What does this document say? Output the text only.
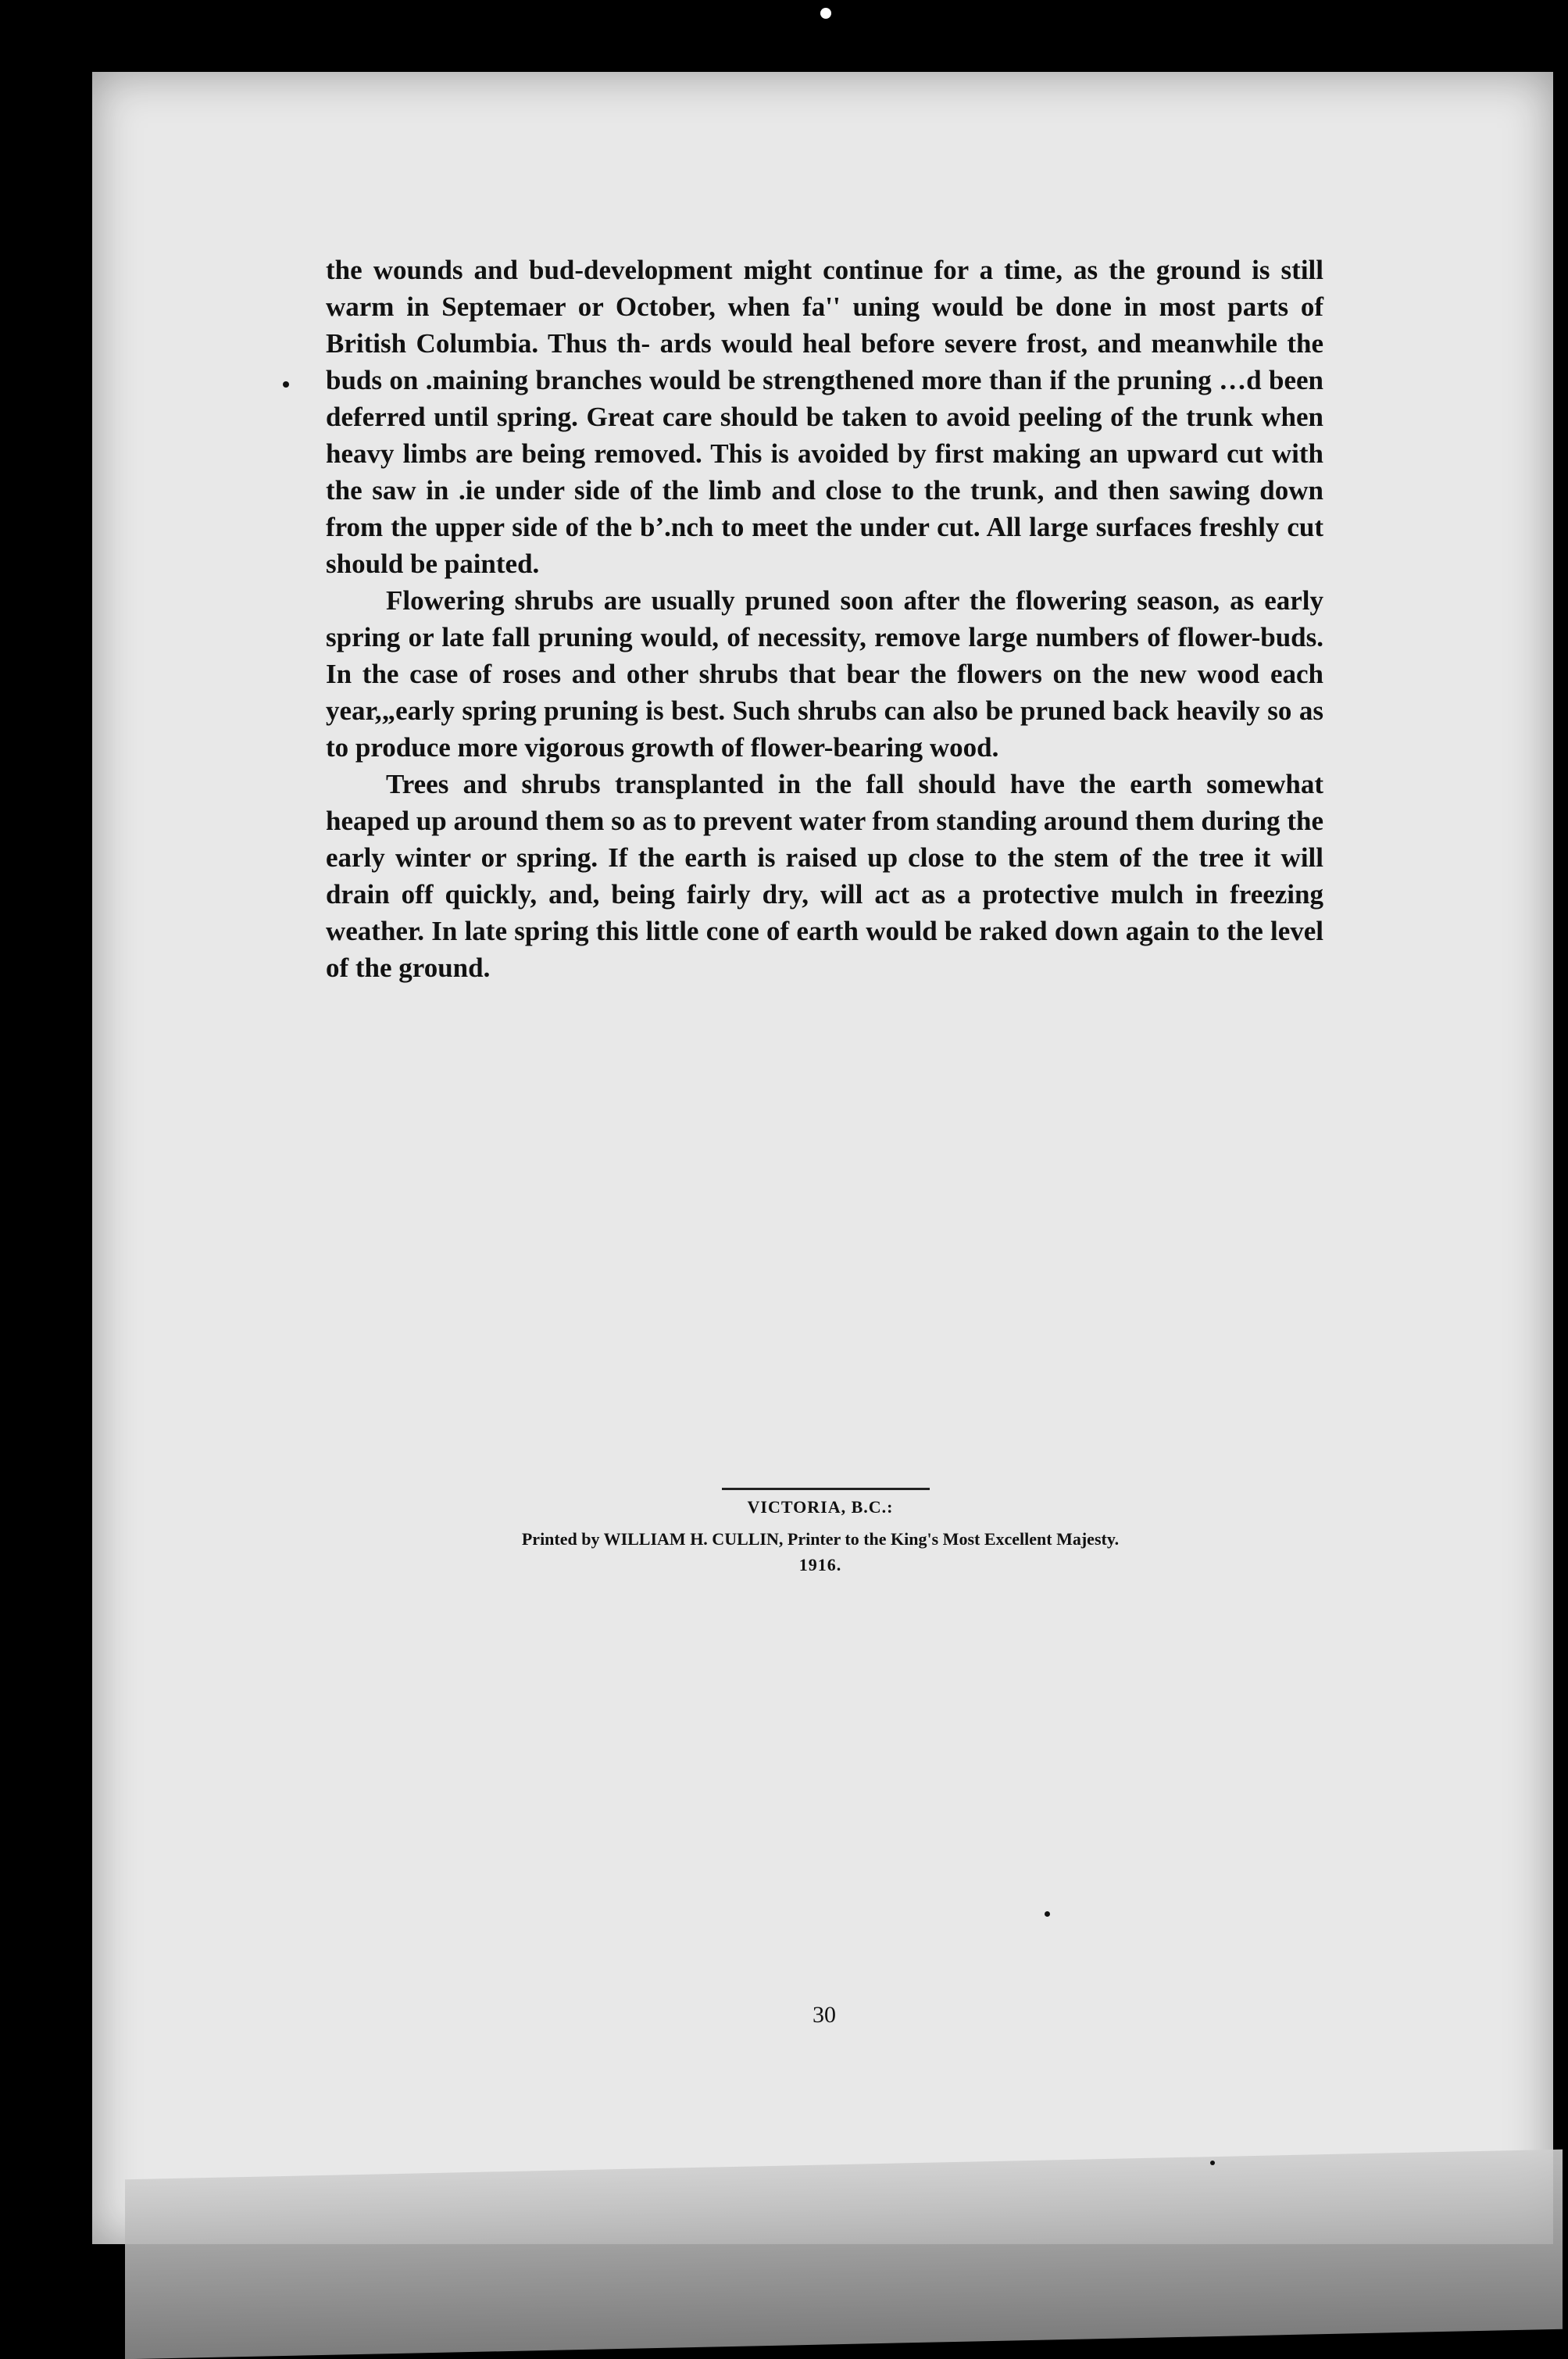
the wounds and bud-development might continue for a time, as the ground is still warm in Septemaer or October, when fa'' uning would be done in most parts of British Columbia. Thus th‐ ards would heal before severe frost, and meanwhile the buds on .maining branches would be strengthened more than if the pruning …d been deferred until spring. Great care should be taken to avoid peeling of the trunk when heavy limbs are being removed. This is avoided by first making an upward cut with the saw in .ie under side of the limb and close to the trunk, and then sawing down from the upper side of the b’.nch to meet the under cut. All large surfaces freshly cut should be painted.

Flowering shrubs are usually pruned soon after the flowering season, as early spring or late fall pruning would, of necessity, remove large numbers of flower-buds. In the case of roses and other shrubs that bear the flowers on the new wood each year,„early spring pruning is best. Such shrubs can also be pruned back heavily so as to produce more vigorous growth of flower-bearing wood.

Trees and shrubs transplanted in the fall should have the earth somewhat heaped up around them so as to prevent water from standing around them during the early winter or spring. If the earth is raised up close to the stem of the tree it will drain off quickly, and, being fairly dry, will act as a protective mulch in freezing weather. In late spring this little cone of earth would be raked down again to the level of the ground.

VICTORIA, B.C.:
Printed by WILLIAM H. CULLIN, Printer to the King's Most Excellent Majesty.
1916.
30
